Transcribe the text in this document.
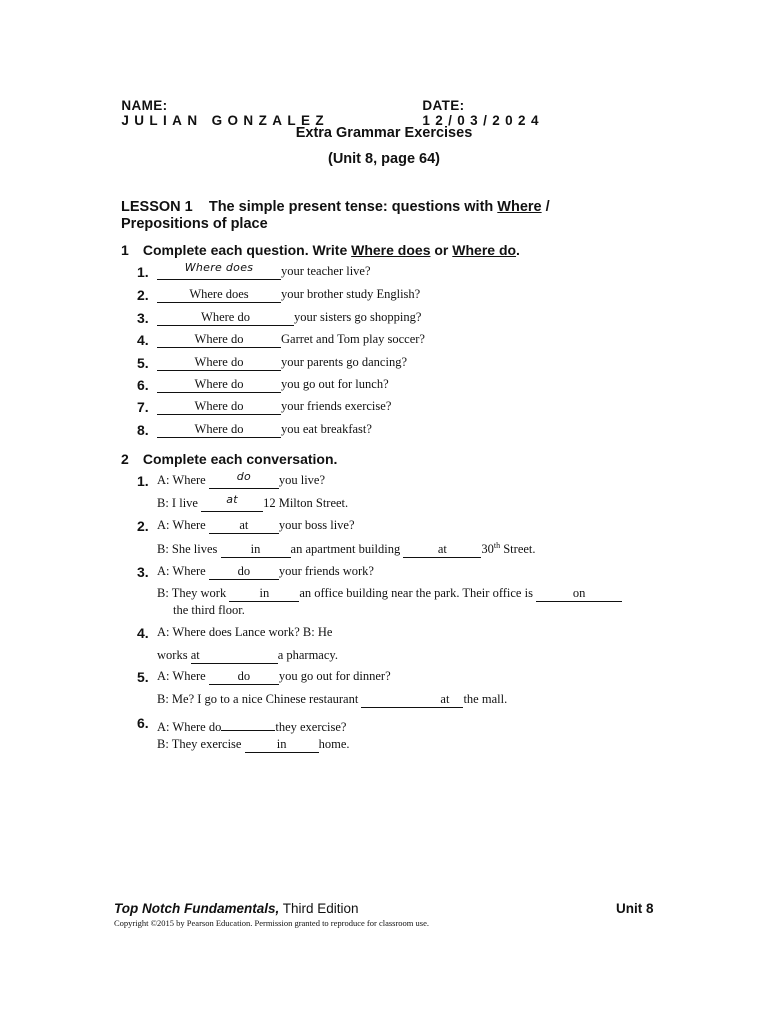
NAME:
JULIAN GONZALEZ

DATE:
12/03/2024

Extra Grammar Exercises
(Unit 8, page 64)
LESSON 1 The simple present tense: questions with Where /
Prepositions of place
1 Complete each question. Write Where does or Where do.
1.	Where does your teacher live?
2.	Where does	your brother study English?
3.	Where do	your sisters go shopping?
4.	Where do	Garret and Tom play soccer?
5.	Where do	your parents go dancing?
6.	Where do	you go out for lunch?
7.	Where do	your friends exercise?
8.	Where do	you eat breakfast?
2 Complete each conversation.
1. A: Where	do you live?
B: I live	at 12 Milton Street.
2. A: Where	at your boss live?
B: She lives	in an apartment building	at	30th Street.
3. A: Where	do your friends work?
B: They work	in an office building near the park. Their office is	on
the third floor.
4. A: Where does Lance work? B: He
works at	a pharmacy.
5. A: Where	do you go out for dinner?
B: Me? I go to a nice Chinese restaurant	at the mall.
6. A: Where do	they exercise?
B: They exercise	in	home.
Top Notch Fundamentals, Third Edition	Unit 8
Copyright ©2015 by Pearson Education. Permission granted to reproduce for classroom use.
